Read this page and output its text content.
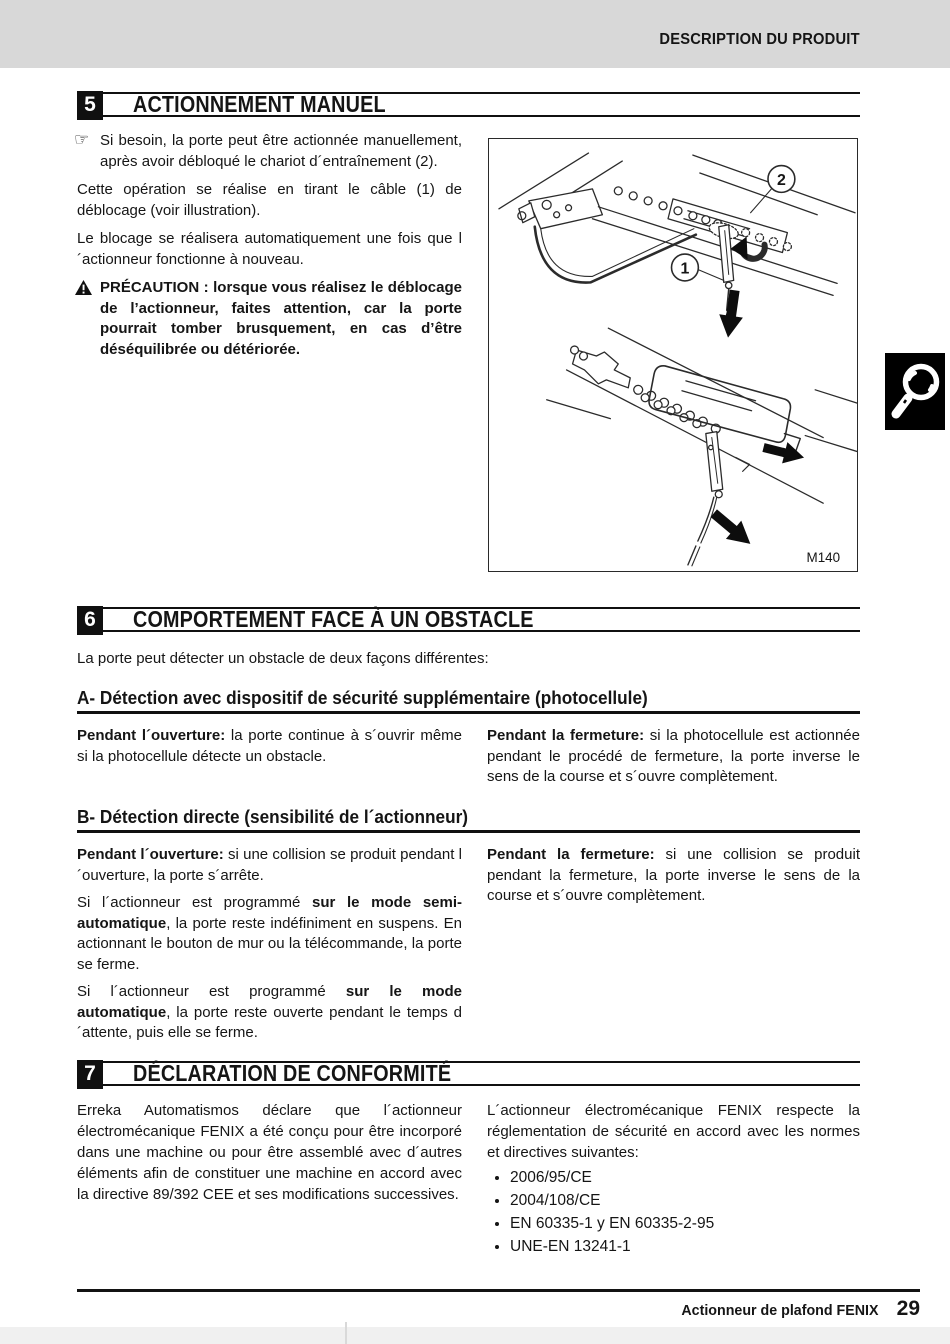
DESCRIPTION DU PRODUIT
5	ACTIONNEMENT MANUEL

☞ Si besoin, la porte peut être actionnée manuellement, après avoir débloqué le chariot d´entraînement (2).

Cette opération se réalise en tirant le câble (1) de déblocage (voir illustration).

Le blocage se réalisera automatiquement une fois que l´actionneur fonctionne à nouveau.

PRÉCAUTION : lorsque vous réalisez le déblocage de l’actionneur, faites attention, car la porte pourrait tomber brusquement, en cas d’être déséquilibrée ou détériorée.

2
1
M140
6	COMPORTEMENT FACE À UN OBSTACLE
La porte peut détecter un obstacle de deux façons différentes:
A- Détection avec dispositif de sécurité supplémentaire (photocellule)

Pendant l´ouverture: la porte continue à s´ouvrir même si la photocellule détecte un obstacle.

Pendant la fermeture: si la photocellule est actionnée pendant le procédé de fermeture, la porte inverse le sens de la course et s´ouvre complètement.

B- Détection directe (sensibilité de l´actionneur)

Pendant l´ouverture: si une collision se produit pendant l´ouverture, la porte s´arrête.

Si l´actionneur est programmé sur le mode semi-automatique, la porte reste indéfiniment en suspens. En actionnant le bouton de mur ou la télécommande, la porte se ferme.

Si l´actionneur est programmé sur le mode automatique, la porte reste ouverte pendant le temps d´attente, puis elle se ferme.

Pendant la fermeture: si une collision se produit pendant la fermeture, la porte inverse le sens de la course et s´ouvre complètement.

7	DÉCLARATION DE CONFORMITÉ

Erreka Automatismos déclare que l´actionneur électromécanique FENIX a été conçu pour être incorporé dans une machine ou pour être assemblé avec d´autres éléments afin de constituer une machine en accord avec la directive 89/392 CEE et ses modifications successives.

L´actionneur électromécanique FENIX respecte la réglementation de sécurité en accord avec les normes et directives suivantes:

• 2006/95/CE
• 2004/108/CE
• EN 60335-1 y EN 60335-2-95
• UNE-EN 13241-1
Actionneur de plafond FENIX 29
